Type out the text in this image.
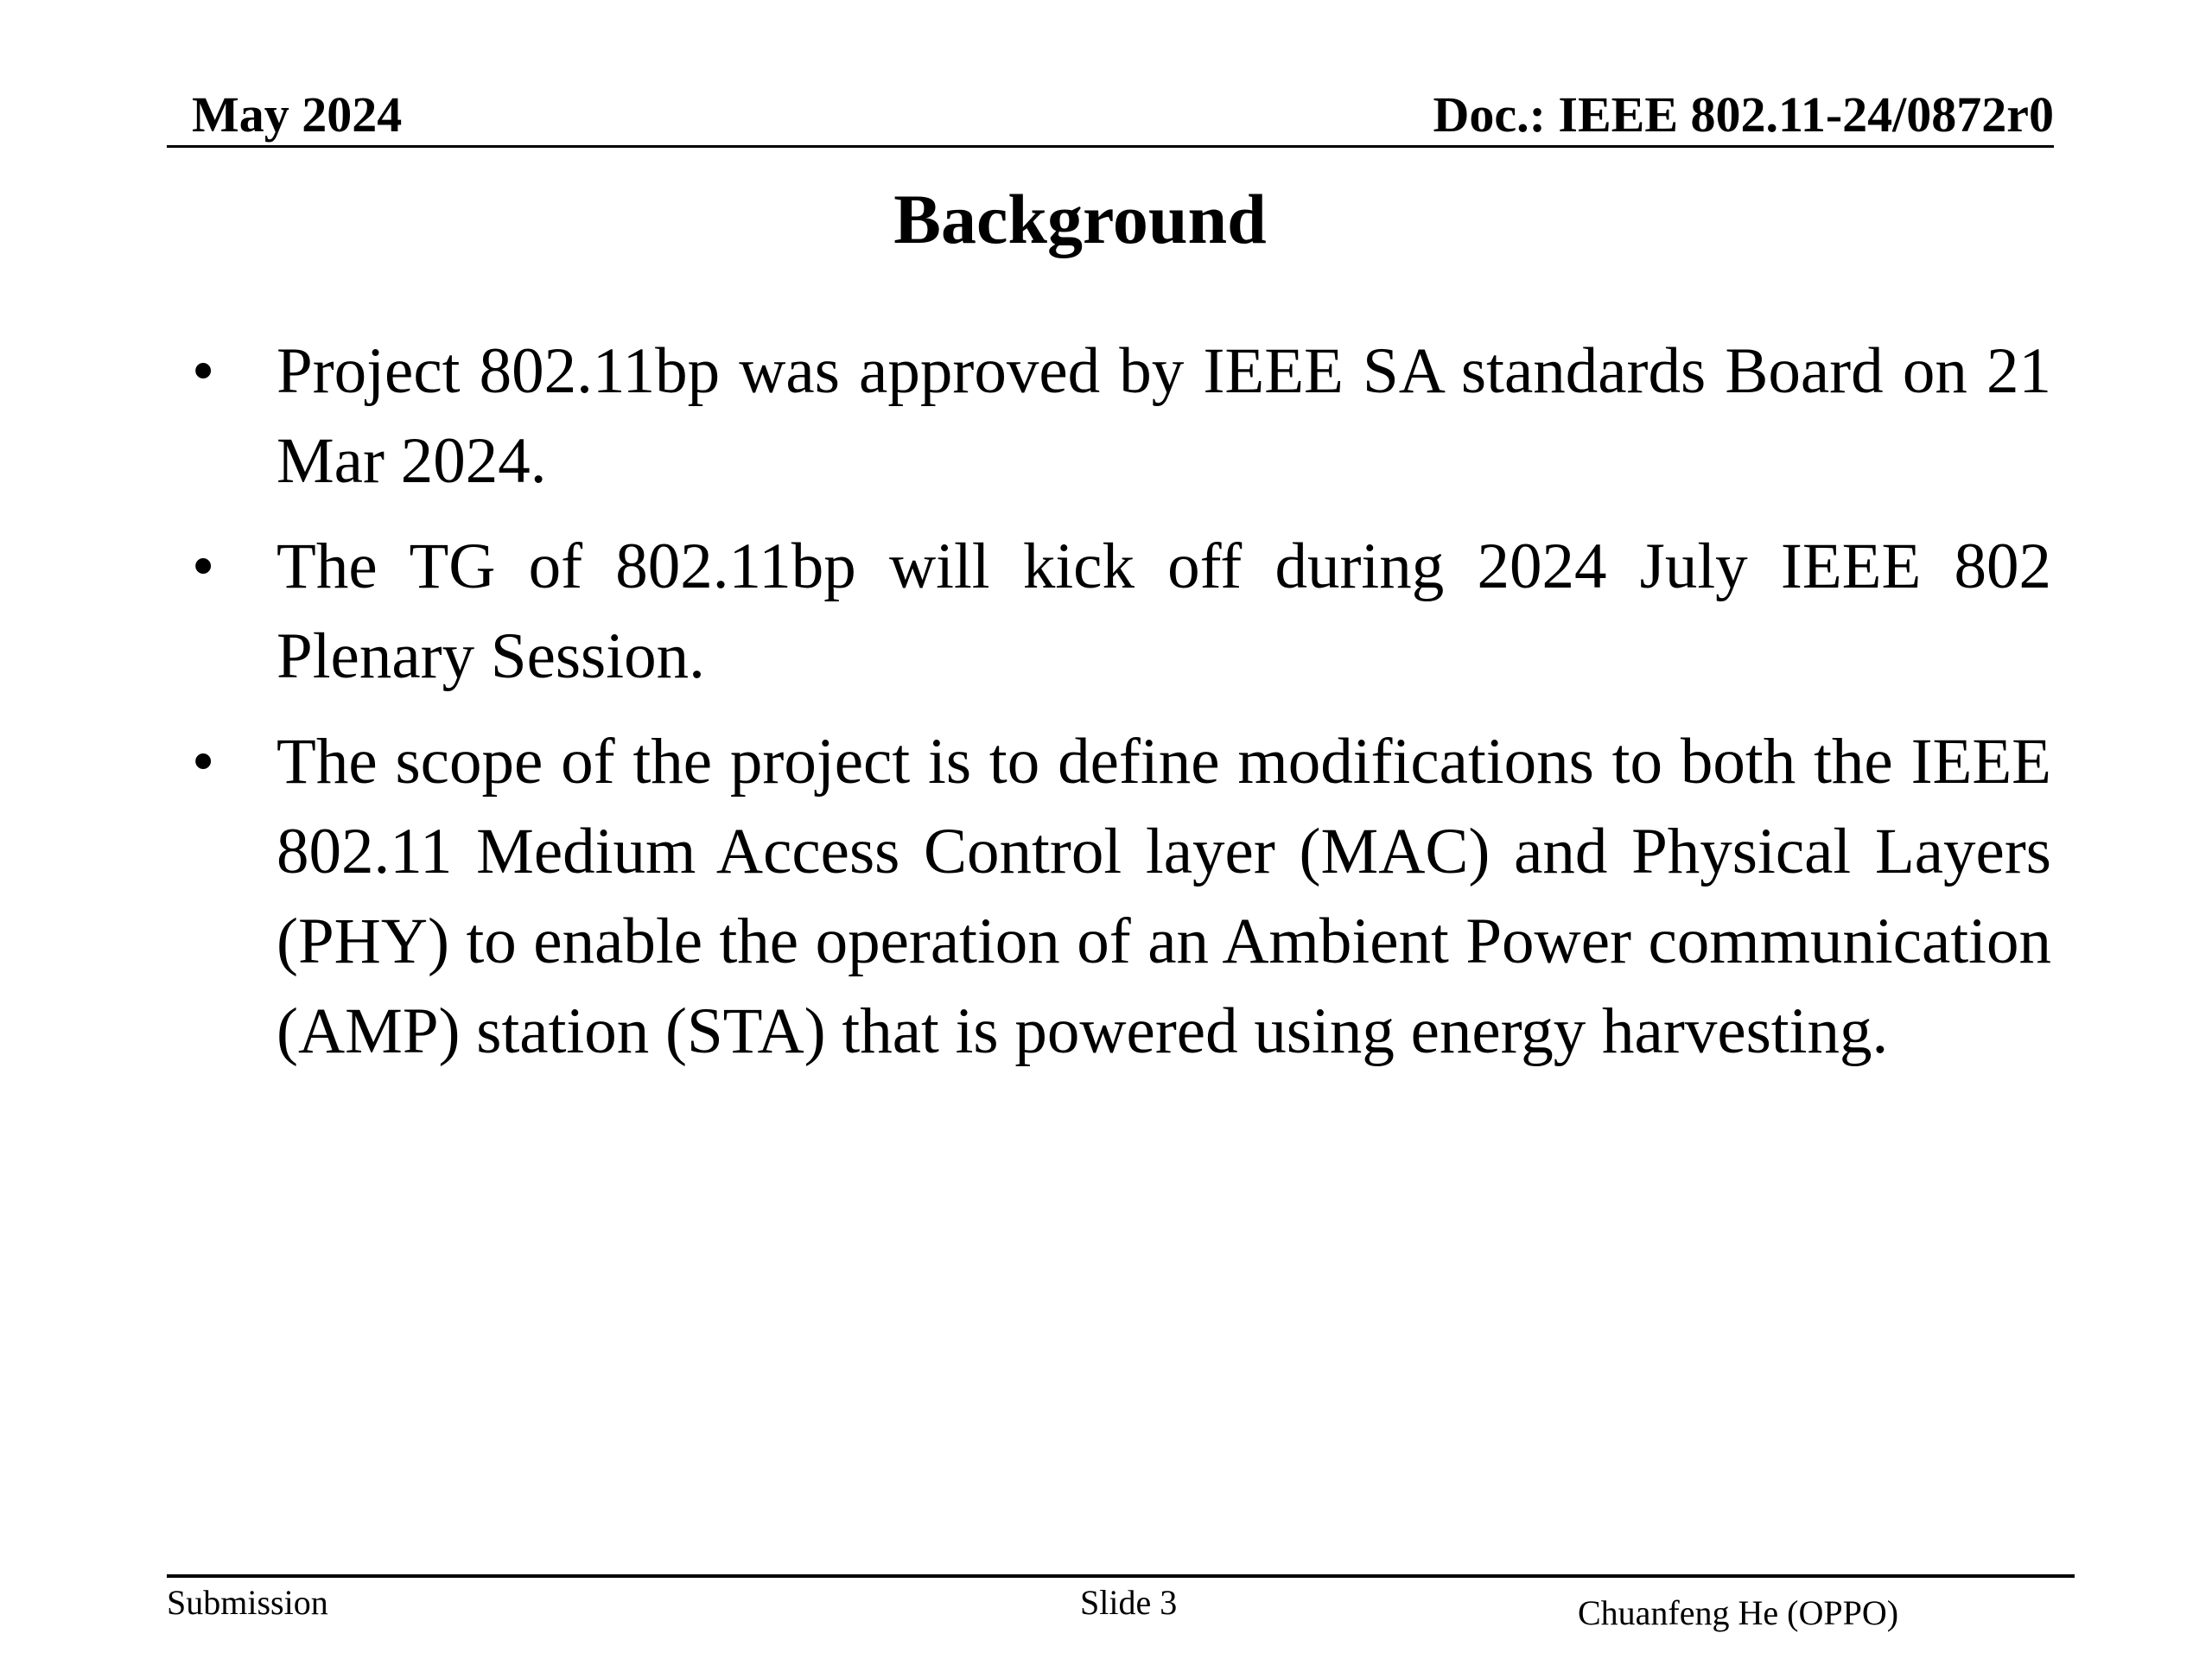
May 2024	Doc.: IEEE 802.11-24/0872r0
Background
• Project 802.11bp was approved by IEEE SA standards Board on 21 Mar 2024.
• The TG of 802.11bp will kick off during 2024 July IEEE 802 Plenary Session.
• The scope of the project is to define modifications to both the IEEE 802.11 Medium Access Control layer (MAC) and Physical Layers (PHY) to enable the operation of an Ambient Power communication (AMP) station (STA) that is powered using energy harvesting.
Submission	Slide 3	Chuanfeng He (OPPO)
